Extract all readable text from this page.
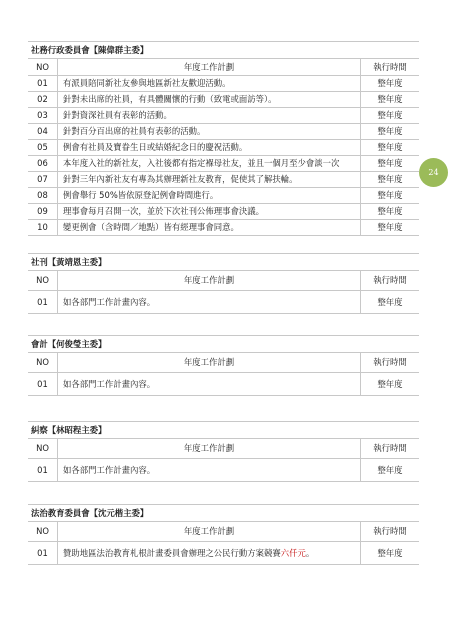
社務行政委員會【陳偉群主委】
NO	年度工作計劃	執行時間
01	有派員陪同新社友參與地區新社友歡迎活動。	整年度
02	針對未出席的社員，有具體關懷的行動（致電或面訪等）。	整年度
03	針對資深社員有表彰的活動。	整年度
04	針對百分百出席的社員有表彰的活動。	整年度
05	例會有社員及寶眷生日或結婚紀念日的慶祝活動。	整年度
06	本年度入社的新社友，入社後都有指定褓母社友，並且一個月至少會談一次	整年度
07	針對三年內新社友有專為其辦理新社友教育，促使其了解扶輪。	整年度
08	例會舉行 50%皆依原登記例會時間進行。	整年度
09	理事會每月召開一次，並於下次社刊公佈理事會決議。	整年度
10	變更例會（含時間／地點）皆有經理事會同意。	整年度
24
社刊【黃靖恩主委】
NO	年度工作計劃	執行時間
01	如各部門工作計畫內容。	整年度
會計【何俊瑩主委】
NO	年度工作計劃	執行時間
01	如各部門工作計畫內容。	整年度
糾察【林昭程主委】
NO	年度工作計劃	執行時間
01	如各部門工作計畫內容。	整年度
法治教育委員會【沈元楷主委】
NO	年度工作計劃	執行時間
01	贊助地區法治教育札根計畫委員會辦理之公民行動方案競賽六仟元。	整年度
